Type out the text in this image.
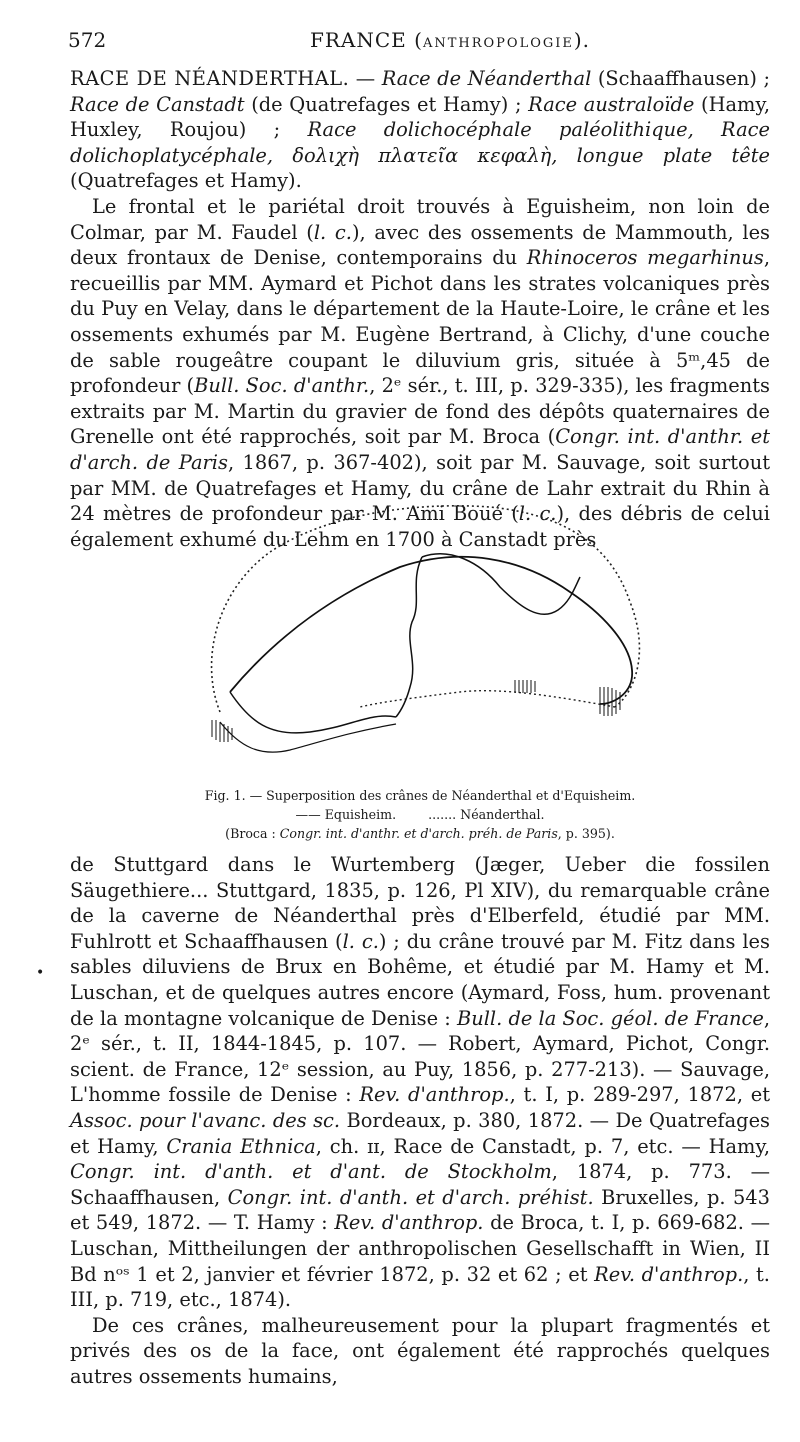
572	FRANCE (ANTHROPOLOGIE).

RACE DE NÉANDERTHAL. — Race de Néanderthal (Schaaffhausen) ; Race de Canstadt (de Quatrefages et Hamy) ; Race australoïde (Hamy, Huxley, Roujou) ; Race dolichocéphale paléolithique, Race dolichoplatycéphale, δολιχὴ πλατεῖα κεφαλὴ, longue plate tête (Quatrefages et Hamy).

Le frontal et le pariétal droit trouvés à Eguisheim, non loin de Colmar, par M. Faudel (l. c.), avec des ossements de Mammouth, les deux frontaux de Denise, contemporains du Rhinoceros megarhinus, recueillis par MM. Aymard et Pichot dans les strates volcaniques près du Puy en Velay, dans le département de la Haute-Loire, le crâne et les ossements exhumés par M. Eugène Bertrand, à Clichy, d'une couche de sable rougeâtre coupant le diluvium gris, située à 5ᵐ,45 de profondeur (Bull. Soc. d'anthr., 2ᵉ sér., t. III, p. 329-335), les fragments extraits par M. Martin du gravier de fond des dépôts quaternaires de Grenelle ont été rapprochés, soit par M. Broca (Congr. int. d'anthr. et d'arch. de Paris, 1867, p. 367-402), soit par M. Sauvage, soit surtout par MM. de Quatrefages et Hamy, du crâne de Lahr extrait du Rhin à 24 mètres de profondeur par M. Ami Boué (l. c.), des débris de celui également exhumé du Lehm en 1700 à Canstadt près

Fig. 1. — Superposition des crânes de Néanderthal et d'Equisheim.
—— Equisheim.	....... Néanderthal.
(Broca : Congr. int. d'anthr. et d'arch. préh. de Paris, p. 395).

de Stuttgard dans le Wurtemberg (Jæger, Ueber die fossilen Säugethiere... Stuttgard, 1835, p. 126, Pl XIV), du remarquable crâne de la caverne de Néanderthal près d'Elberfeld, étudié par MM. Fuhlrott et Schaaffhausen (l. c.) ; du crâne trouvé par M. Fitz dans les sables diluviens de Brux en Bohême, et étudié par M. Hamy et M. Luschan, et de quelques autres encore (Aymard, Foss, hum. provenant de la montagne volcanique de Denise : Bull. de la Soc. géol. de France, 2ᵉ sér., t. II, 1844-1845, p. 107. — Robert, Aymard, Pichot, Congr. scient. de France, 12ᵉ session, au Puy, 1856, p. 277-213). — Sauvage, L'homme fossile de Denise : Rev. d'anthrop., t. I, p. 289-297, 1872, et Assoc. pour l'avanc. des sc. Bordeaux, p. 380, 1872. — De Quatrefages et Hamy, Crania Ethnica, ch. ɪɪ, Race de Canstadt, p. 7, etc. — Hamy, Congr. int. d'anth. et d'ant. de Stockholm, 1874, p. 773. — Schaaffhausen, Congr. int. d'anth. et d'arch. préhist. Bruxelles, p. 543 et 549, 1872. — T. Hamy : Rev. d'anthrop. de Broca, t. I, p. 669-682. — Luschan, Mittheilungen der anthropolischen Gesellschafft in Wien, II Bd nᵒˢ 1 et 2, janvier et février 1872, p. 32 et 62 ; et Rev. d'anthrop., t. III, p. 719, etc., 1874).

De ces crânes, malheureusement pour la plupart fragmentés et privés des os de la face, ont également été rapprochés quelques autres ossements humains,

•
